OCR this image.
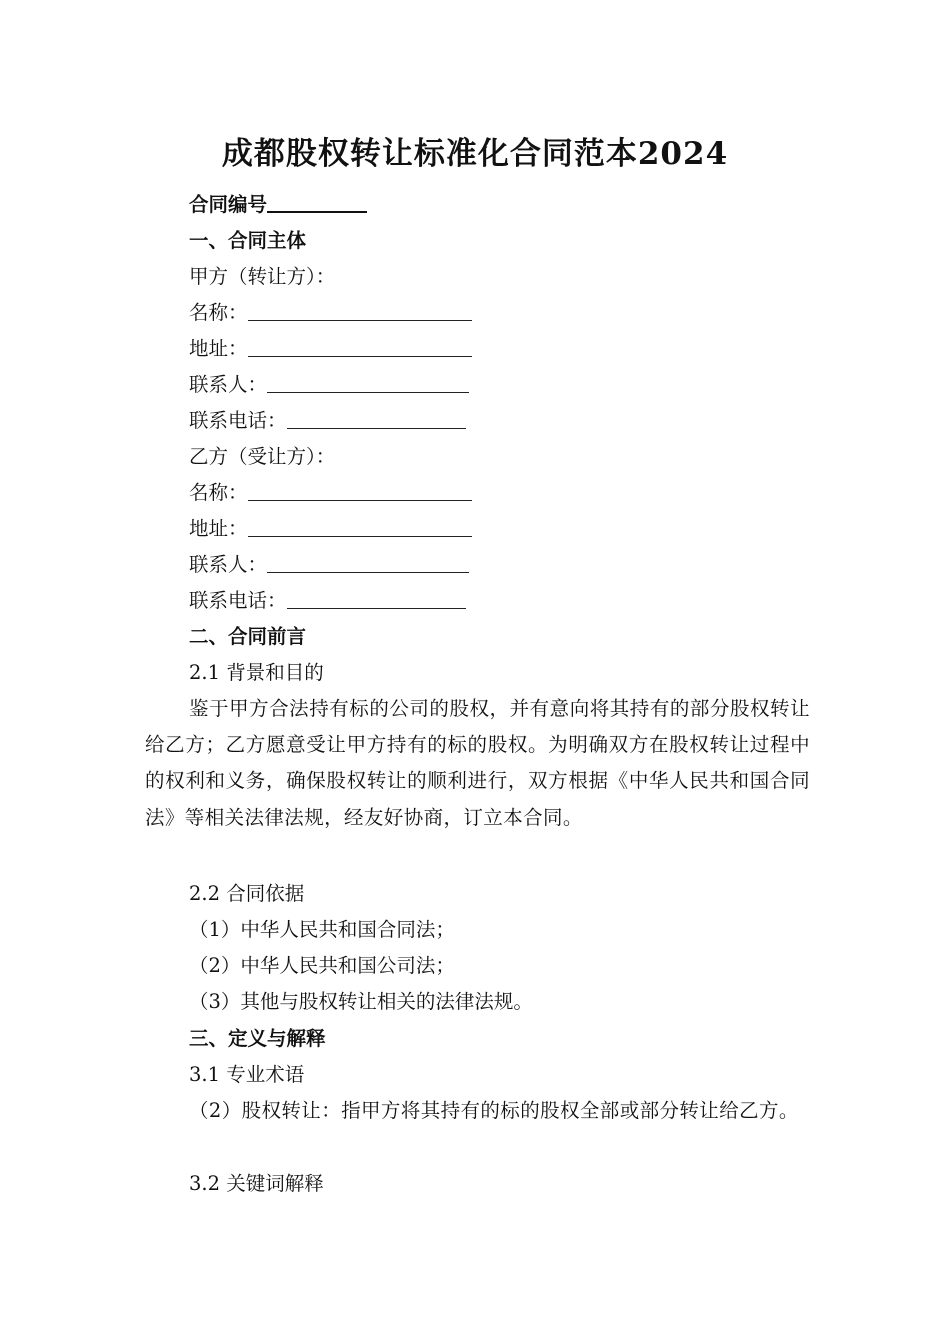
成都股权转让标准化合同范本2024
合同编号
一、合同主体
甲方（转让方）：
名称：
地址：
联系人：
联系电话：
乙方（受让方）：
名称：
地址：
联系人：
联系电话：
二、合同前言
2.1 背景和目的
鉴于甲方合法持有标的公司的股权，并有意向将其持有的部分股权转让给乙方；乙方愿意受让甲方持有的标的股权。为明确双方在股权转让过程中的权利和义务，确保股权转让的顺利进行，双方根据《中华人民共和国合同法》等相关法律法规，经友好协商，订立本合同。
2.2 合同依据
（1）中华人民共和国合同法；
（2）中华人民共和国公司法；
（3）其他与股权转让相关的法律法规。
三、定义与解释
3.1 专业术语
（2）股权转让：指甲方将其持有的标的股权全部或部分转让给乙方。
3.2 关键词解释
